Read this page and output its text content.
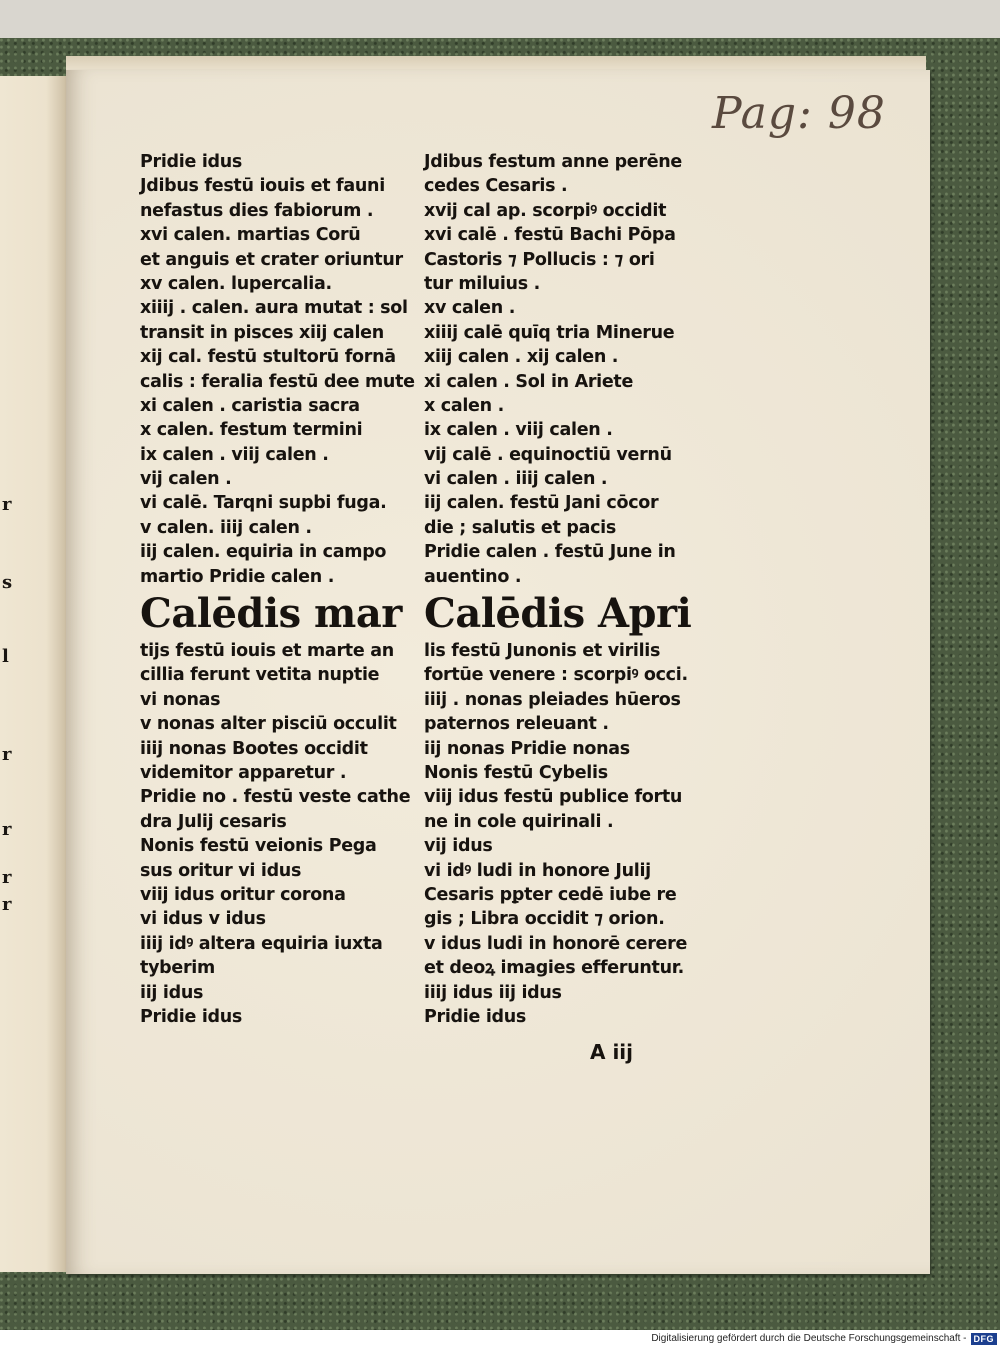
r
s
l
r
r
r
r
Pag: 98
Pridie idus
Jdibus festū iouis et fauni
nefastus dies fabiorum .
xvi calen. martias Corū
et anguis et crater oriuntur
xv calen. lupercalia.
xiiij . calen. aura mutat : sol
transit in pisces xiij calen
xij cal. festū stultorū fornā
calis : feralia festū dee mute
xi calen . caristia sacra
x calen. festum termini
ix calen . viij calen .
vij calen .
vi calē. Tarqni supbi fuga.
v calen. iiij calen .
iij calen. equiria in campo
martio Pridie calen .
Calēdis mar
tijs festū iouis et marte an
cillia ferunt vetita nuptie
vi nonas
v nonas alter pisciū occulit
iiij nonas Bootes occidit
videmitor apparetur .
Pridie no . festū veste cathe
dra Julij cesaris
Nonis festū veionis Pega
sus oritur vi idus
viij idus oritur corona
vi idus v idus
iiij idꝰ altera equiria iuxta
tyberim
iij idus
Pridie idus
Jdibus festum anne perēne
cedes Cesaris .
xvij cal ap. scorpiꝰ occidit
xvi calē . festū Bachi Pōpa
Castoris ⁊ Pollucis : ⁊ ori
tur miluius .
xv calen .
xiiij calē quīq tria Minerue
xiij calen . xij calen .
xi calen . Sol in Ariete
x calen .
ix calen . viij calen .
vij calē . equinoctiū vernū
vi calen . iiij calen .
iij calen. festū Jani cōcor
die ; salutis et pacis
Pridie calen . festū June in
auentino .
Calēdis Apri
lis festū Junonis et virilis
fortūe venere : scorpiꝰ occi.
iiij . nonas pleiades hūeros
paternos releuant .
iij nonas Pridie nonas
Nonis festū Cybelis
viij idus festū publice fortu
ne in cole quirinali .
vij idus
vi idꝰ ludi in honore Julij
Cesaris pꝑter cedē iube re
gis ; Libra occidit ⁊ orion.
v idus ludi in honorē cerere
et deoꝝ imagies efferuntur.
iiij idus iij idus
Pridie idus
A iij
Digitalisierung gefördert durch die Deutsche Forschungsgemeinschaft - DFG
